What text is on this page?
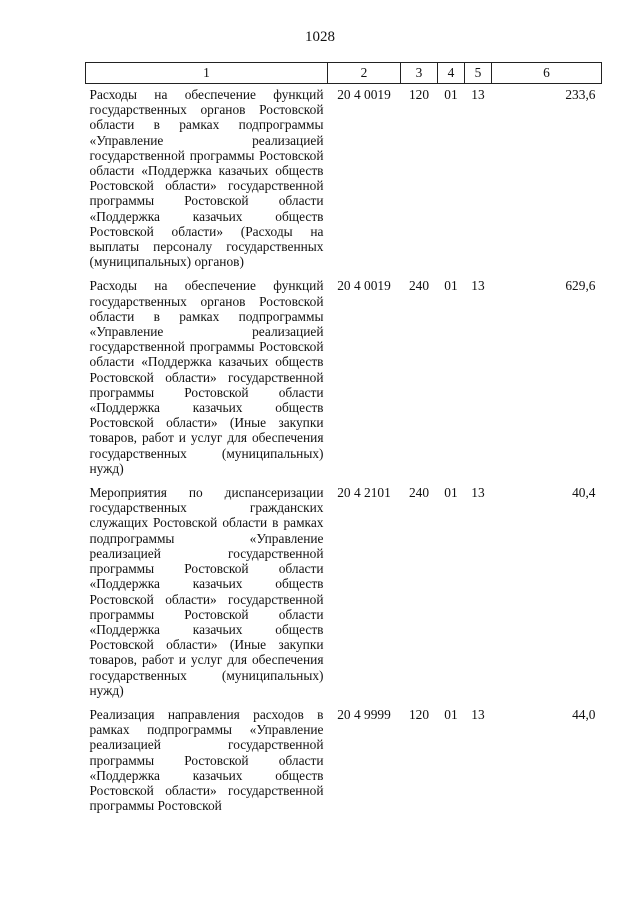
1028
1	2	3	4	5	6
Расходы на обеспечение функций государственных органов Ростовской области в рамках подпрограммы «Управление реализацией государственной программы Ростовской области «Поддержка казачьих обществ Ростовской области» государственной программы Ростовской области «Поддержка казачьих обществ Ростовской области» (Расходы на выплаты персоналу государственных (муниципальных) органов)	20 4 0019	120	01	13	233,6
Расходы на обеспечение функций государственных органов Ростовской области в рамках подпрограммы «Управление реализацией государственной программы Ростовской области «Поддержка казачьих обществ Ростовской области» государственной программы Ростовской области «Поддержка казачьих обществ Ростовской области» (Иные закупки товаров, работ и услуг для обеспечения государственных (муниципальных) нужд)	20 4 0019	240	01	13	629,6
Мероприятия по диспансеризации государственных гражданских служащих Ростовской области в рамках подпрограммы «Управление реализацией государственной программы Ростовской области «Поддержка казачьих обществ Ростовской области» государственной программы Ростовской области «Поддержка казачьих обществ Ростовской области» (Иные закупки товаров, работ и услуг для обеспечения государственных (муниципальных) нужд)	20 4 2101	240	01	13	40,4
Реализация направления расходов в рамках подпрограммы «Управление реализацией государственной программы Ростовской области «Поддержка казачьих обществ Ростовской области» государственной программы Ростовской	20 4 9999	120	01	13	44,0
